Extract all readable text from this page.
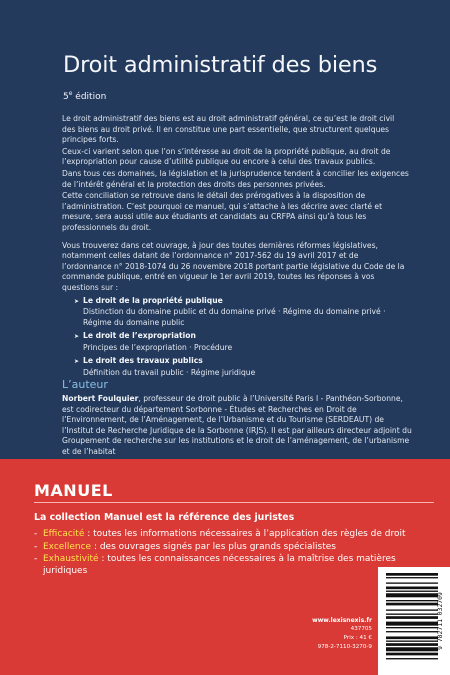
Droit administratif des biens
5e édition

Le droit administratif des biens est au droit administratif général, ce qu’est le droit civil des biens au droit privé. Il en constitue une part essentielle, que structurent quelques principes forts.

Ceux-ci varient selon que l’on s’intéresse au droit de la propriété publique, au droit de l’expropriation pour cause d’utilité publique ou encore à celui des travaux publics.

Dans tous ces domaines, la législation et la jurisprudence tendent à concilier les exigences de l’intérêt général et la protection des droits des personnes privées.

Cette conciliation se retrouve dans le détail des prérogatives à la disposition de l’administration. C’est pourquoi ce manuel, qui s’attache à les décrire avec clarté et mesure, sera aussi utile aux étudiants et candidats au CRFPA ainsi qu’à tous les professionnels du droit.

Vous trouverez dans cet ouvrage, à jour des toutes dernières réformes législatives, notamment celles datant de l’ordonnance n° 2017-562 du 19 avril 2017 et de l’ordonnance n° 2018-1074 du 26 novembre 2018 portant partie législative du Code de la commande publique, entré en vigueur le 1er avril 2019, toutes les réponses à vos questions sur :

➤ Le droit de la propriété publique
Distinction du domaine public et du domaine privé · Régime du domaine privé ·
Régime du domaine public
➤ Le droit de l’expropriation
Principes de l’expropriation · Procédure
➤ Le droit des travaux publics
Définition du travail public · Régime juridique
L’auteur
Norbert Foulquier, professeur de droit public à l’Université Paris I - Panthéon-Sorbonne, est codirecteur du département Sorbonne - Études et Recherches en Droit de l’Environnement, de l’Aménagement, de l’Urbanisme et du Tourisme (SERDEAUT) de l’Institut de Recherche Juridique de la Sorbonne (IRJS). Il est par ailleurs directeur adjoint du Groupement de recherche sur les institutions et le droit de l’aménagement, de l’urbanisme et de l’habitat
MANUEL
La collection Manuel est la référence des juristes
- Efficacité : toutes les informations nécessaires à l’application des règles de droit
- Excellence : des ouvrages signés par les plus grands spécialistes
- Exhaustivité : toutes les connaissances nécessaires à la maîtrise des matières juridiques
www.lexisnexis.fr
437705
Prix : 41 €
978-2-7110-3270-9	9 782711 032709
